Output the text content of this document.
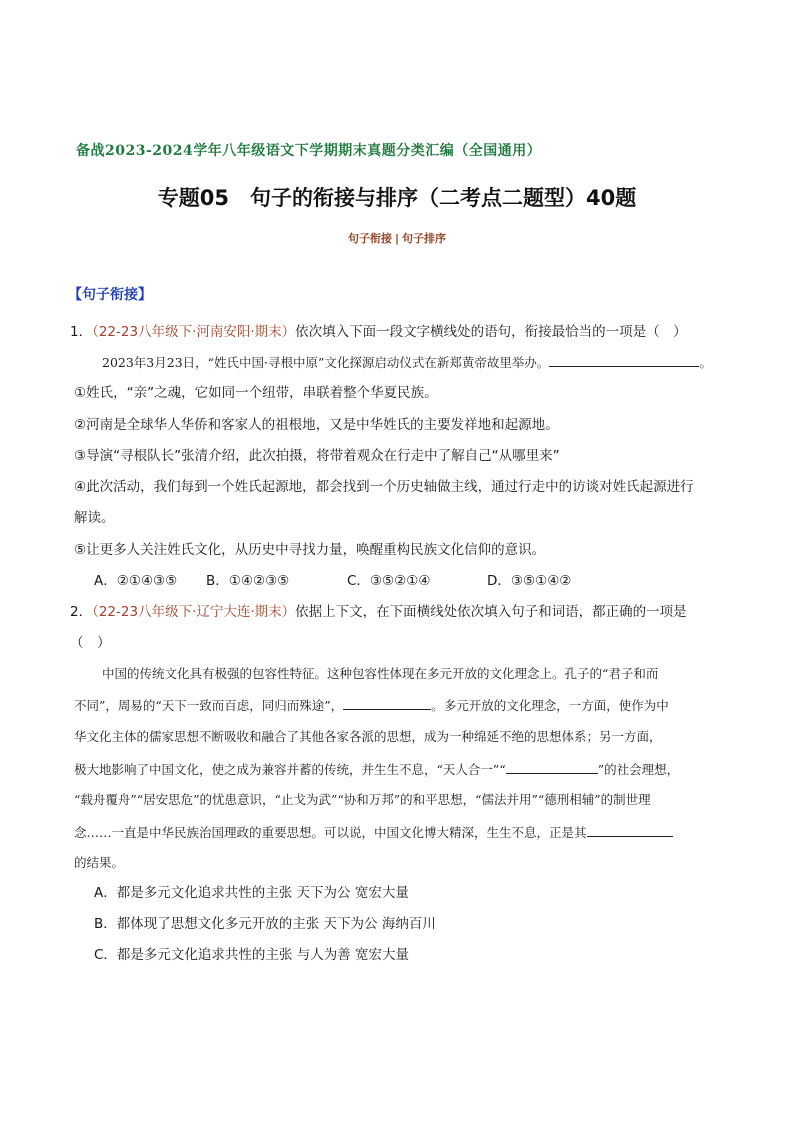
备战2023-2024学年八年级语文下学期期末真题分类汇编（全国通用）
专题05　句子的衔接与排序（二考点二题型）40题
句子衔接 | 句子排序
【句子衔接】
1．（22-23八年级下·河南安阳·期末）依次填入下面一段文字横线处的语句，衔接最恰当的一项是（　）
2023年3月23日，“姓氏中国·寻根中原”文化探源启动仪式在新郑黄帝故里举办。	。
①姓氏，“亲”之魂，它如同一个纽带，串联着整个华夏民族。
②河南是全球华人华侨和客家人的祖根地，又是中华姓氏的主要发祥地和起源地。
③导演“寻根队长”张清介绍，此次拍摄，将带着观众在行走中了解自己“从哪里来”
④此次活动，我们每到一个姓氏起源地，都会找到一个历史轴做主线，通过行走中的访谈对姓氏起源进行
解读。
⑤让更多人关注姓氏文化，从历史中寻找力量，唤醒重构民族文化信仰的意识。
A．②①④③⑤ B．①④②③⑤	C．③⑤②①④	D．③⑤①④②
2．（22-23八年级下·辽宁大连·期末）依据上下文，在下面横线处依次填入句子和词语，都正确的一项是
（　）
中国的传统文化具有极强的包容性特征。这种包容性体现在多元开放的文化理念上。孔子的“君子和而
不同”，周易的“天下一致而百虑，同归而殊途”，	。多元开放的文化理念，一方面，使作为中
华文化主体的儒家思想不断吸收和融合了其他各家各派的思想，成为一种绵延不绝的思想体系；另一方面，
极大地影响了中国文化，使之成为兼容并蓄的传统，并生生不息，“天人合一”“	”的社会理想，
“载舟覆舟”“居安思危”的忧患意识，“止戈为武”“协和万邦”的和平思想，“儒法并用”“德刑相辅”的制世理
念……一直是中华民族治国理政的重要思想。可以说，中国文化博大精深，生生不息，正是其
的结果。
A．都是多元文化追求共性的主张 天下为公 宽宏大量
B．都体现了思想文化多元开放的主张 天下为公 海纳百川
C．都是多元文化追求共性的主张 与人为善 宽宏大量
